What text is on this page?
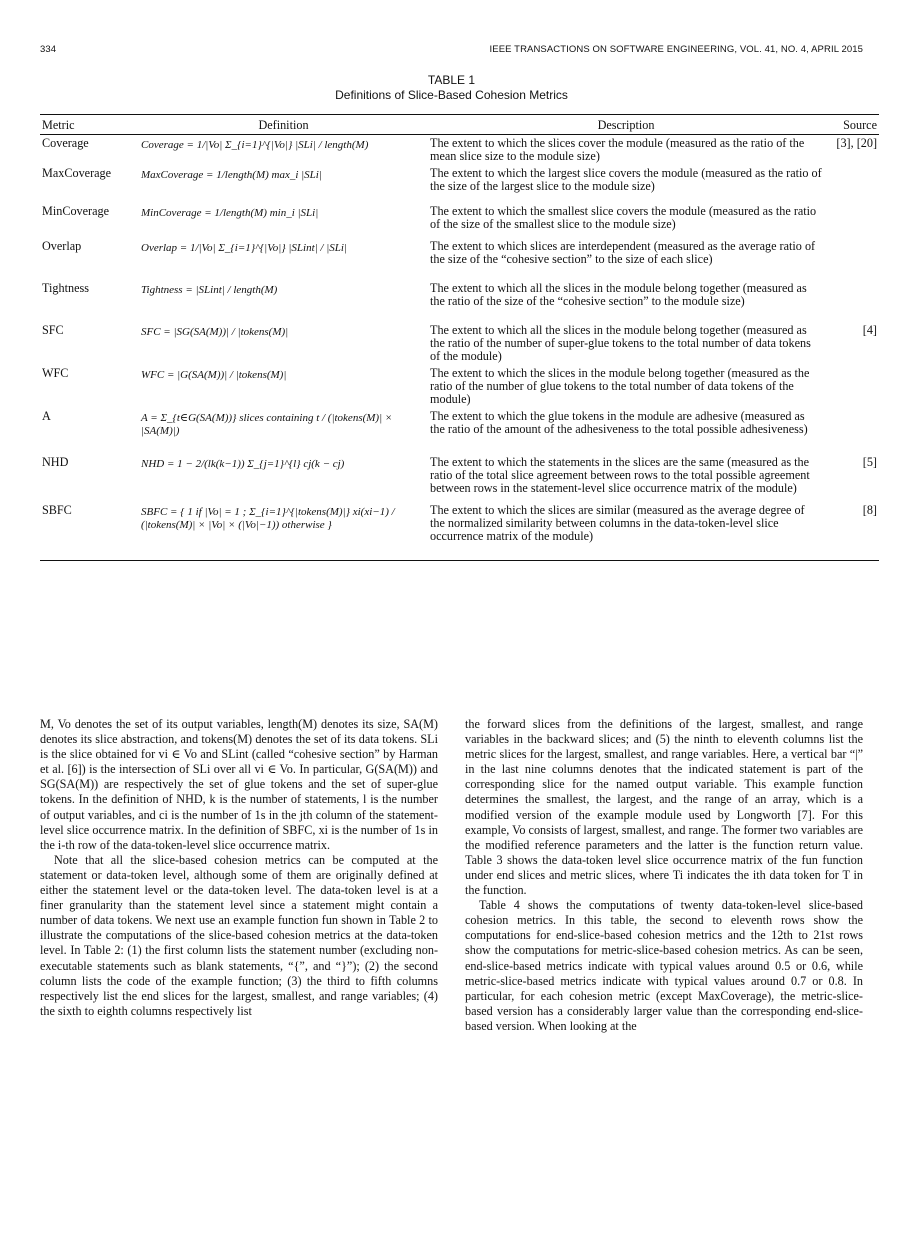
334	IEEE TRANSACTIONS ON SOFTWARE ENGINEERING, VOL. 41, NO. 4, APRIL 2015
TABLE 1
Definitions of Slice-Based Cohesion Metrics
Metric	Definition	Description	Source
Coverage	Coverage = 1/|Vo| Σ_{i=1}^{|Vo|} |SLi| / length(M)	The extent to which the slices cover the module (measured as the ratio of the mean slice size to the module size)	[3], [20]
MaxCoverage	MaxCoverage = 1/length(M) max_i |SLi|	The extent to which the largest slice covers the module (measured as the ratio of the size of the largest slice to the module size)	
MinCoverage	MinCoverage = 1/length(M) min_i |SLi|	The extent to which the smallest slice covers the module (measured as the ratio of the size of the smallest slice to the module size)	
Overlap	Overlap = 1/|Vo| Σ_{i=1}^{|Vo|} |SLint| / |SLi|	The extent to which slices are interdependent (measured as the average ratio of the size of the “cohesive section” to the size of each slice)	
Tightness	Tightness = |SLint| / length(M)	The extent to which all the slices in the module belong together (measured as the ratio of the size of the “cohesive section” to the module size)	
SFC	SFC = |SG(SA(M))| / |tokens(M)|	The extent to which all the slices in the module belong together (measured as the ratio of the number of super-glue tokens to the total number of data tokens of the module)	[4]
WFC	WFC = |G(SA(M))| / |tokens(M)|	The extent to which the slices in the module belong together (measured as the ratio of the number of glue tokens to the total number of data tokens of the module)	
A	A = Σ_{t∈G(SA(M))} slices containing t / (|tokens(M)| × |SA(M)|)	The extent to which the glue tokens in the module are adhesive (measured as the ratio of the amount of the adhesiveness to the total possible adhesiveness)	
NHD	NHD = 1 − 2/(lk(k−1)) Σ_{j=1}^{l} cj(k − cj)	The extent to which the statements in the slices are the same (measured as the ratio of the total slice agreement between rows to the total possible agreement between rows in the statement-level slice occurrence matrix of the module)	[5]
SBFC	SBFC = { 1 if |Vo| = 1 ; Σ_{i=1}^{|tokens(M)|} xi(xi−1) / (|tokens(M)| × |Vo| × (|Vo|−1)) otherwise }	The extent to which the slices are similar (measured as the average degree of the normalized similarity between columns in the data-token-level slice occurrence matrix of the module)	[8]

M, Vo denotes the set of its output variables, length(M) denotes its size, SA(M) denotes its slice abstraction, and tokens(M) denotes the set of its data tokens. SLi is the slice obtained for vi ∈ Vo and SLint (called “cohesive section” by Harman et al. [6]) is the intersection of SLi over all vi ∈ Vo. In particular, G(SA(M)) and SG(SA(M)) are respectively the set of glue tokens and the set of super-glue tokens. In the definition of NHD, k is the number of statements, l is the number of output variables, and ci is the number of 1s in the jth column of the statement-level slice occurrence matrix. In the definition of SBFC, xi is the number of 1s in the i-th row of the data-token-level slice occurrence matrix.

Note that all the slice-based cohesion metrics can be computed at the statement or data-token level, although some of them are originally defined at either the statement level or the data-token level. The data-token level is at a finer granularity than the statement level since a statement might contain a number of data tokens. We next use an example function fun shown in Table 2 to illustrate the computations of the slice-based cohesion metrics at the data-token level. In Table 2: (1) the first column lists the statement number (excluding non-executable statements such as blank statements, “{”, and “}”); (2) the second column lists the code of the example function; (3) the third to fifth columns respectively list the end slices for the largest, smallest, and range variables; (4) the sixth to eighth columns respectively list

the forward slices from the definitions of the largest, smallest, and range variables in the backward slices; and (5) the ninth to eleventh columns list the metric slices for the largest, smallest, and range variables. Here, a vertical bar “|” in the last nine columns denotes that the indicated statement is part of the corresponding slice for the named output variable. This example function determines the smallest, the largest, and the range of an array, which is a modified version of the example module used by Longworth [7]. For this example, Vo consists of largest, smallest, and range. The former two variables are the modified reference parameters and the latter is the function return value. Table 3 shows the data-token level slice occurrence matrix of the fun function under end slices and metric slices, where Ti indicates the ith data token for T in the function.

Table 4 shows the computations of twenty data-token-level slice-based cohesion metrics. In this table, the second to eleventh rows show the computations for end-slice-based cohesion metrics and the 12th to 21st rows show the computations for metric-slice-based cohesion metrics. As can be seen, end-slice-based metrics indicate with typical values around 0.5 or 0.6, while metric-slice-based metrics indicate with typical values around 0.7 or 0.8. In particular, for each cohesion metric (except MaxCoverage), the metric-slice-based version has a considerably larger value than the corresponding end-slice-based version. When looking at the
